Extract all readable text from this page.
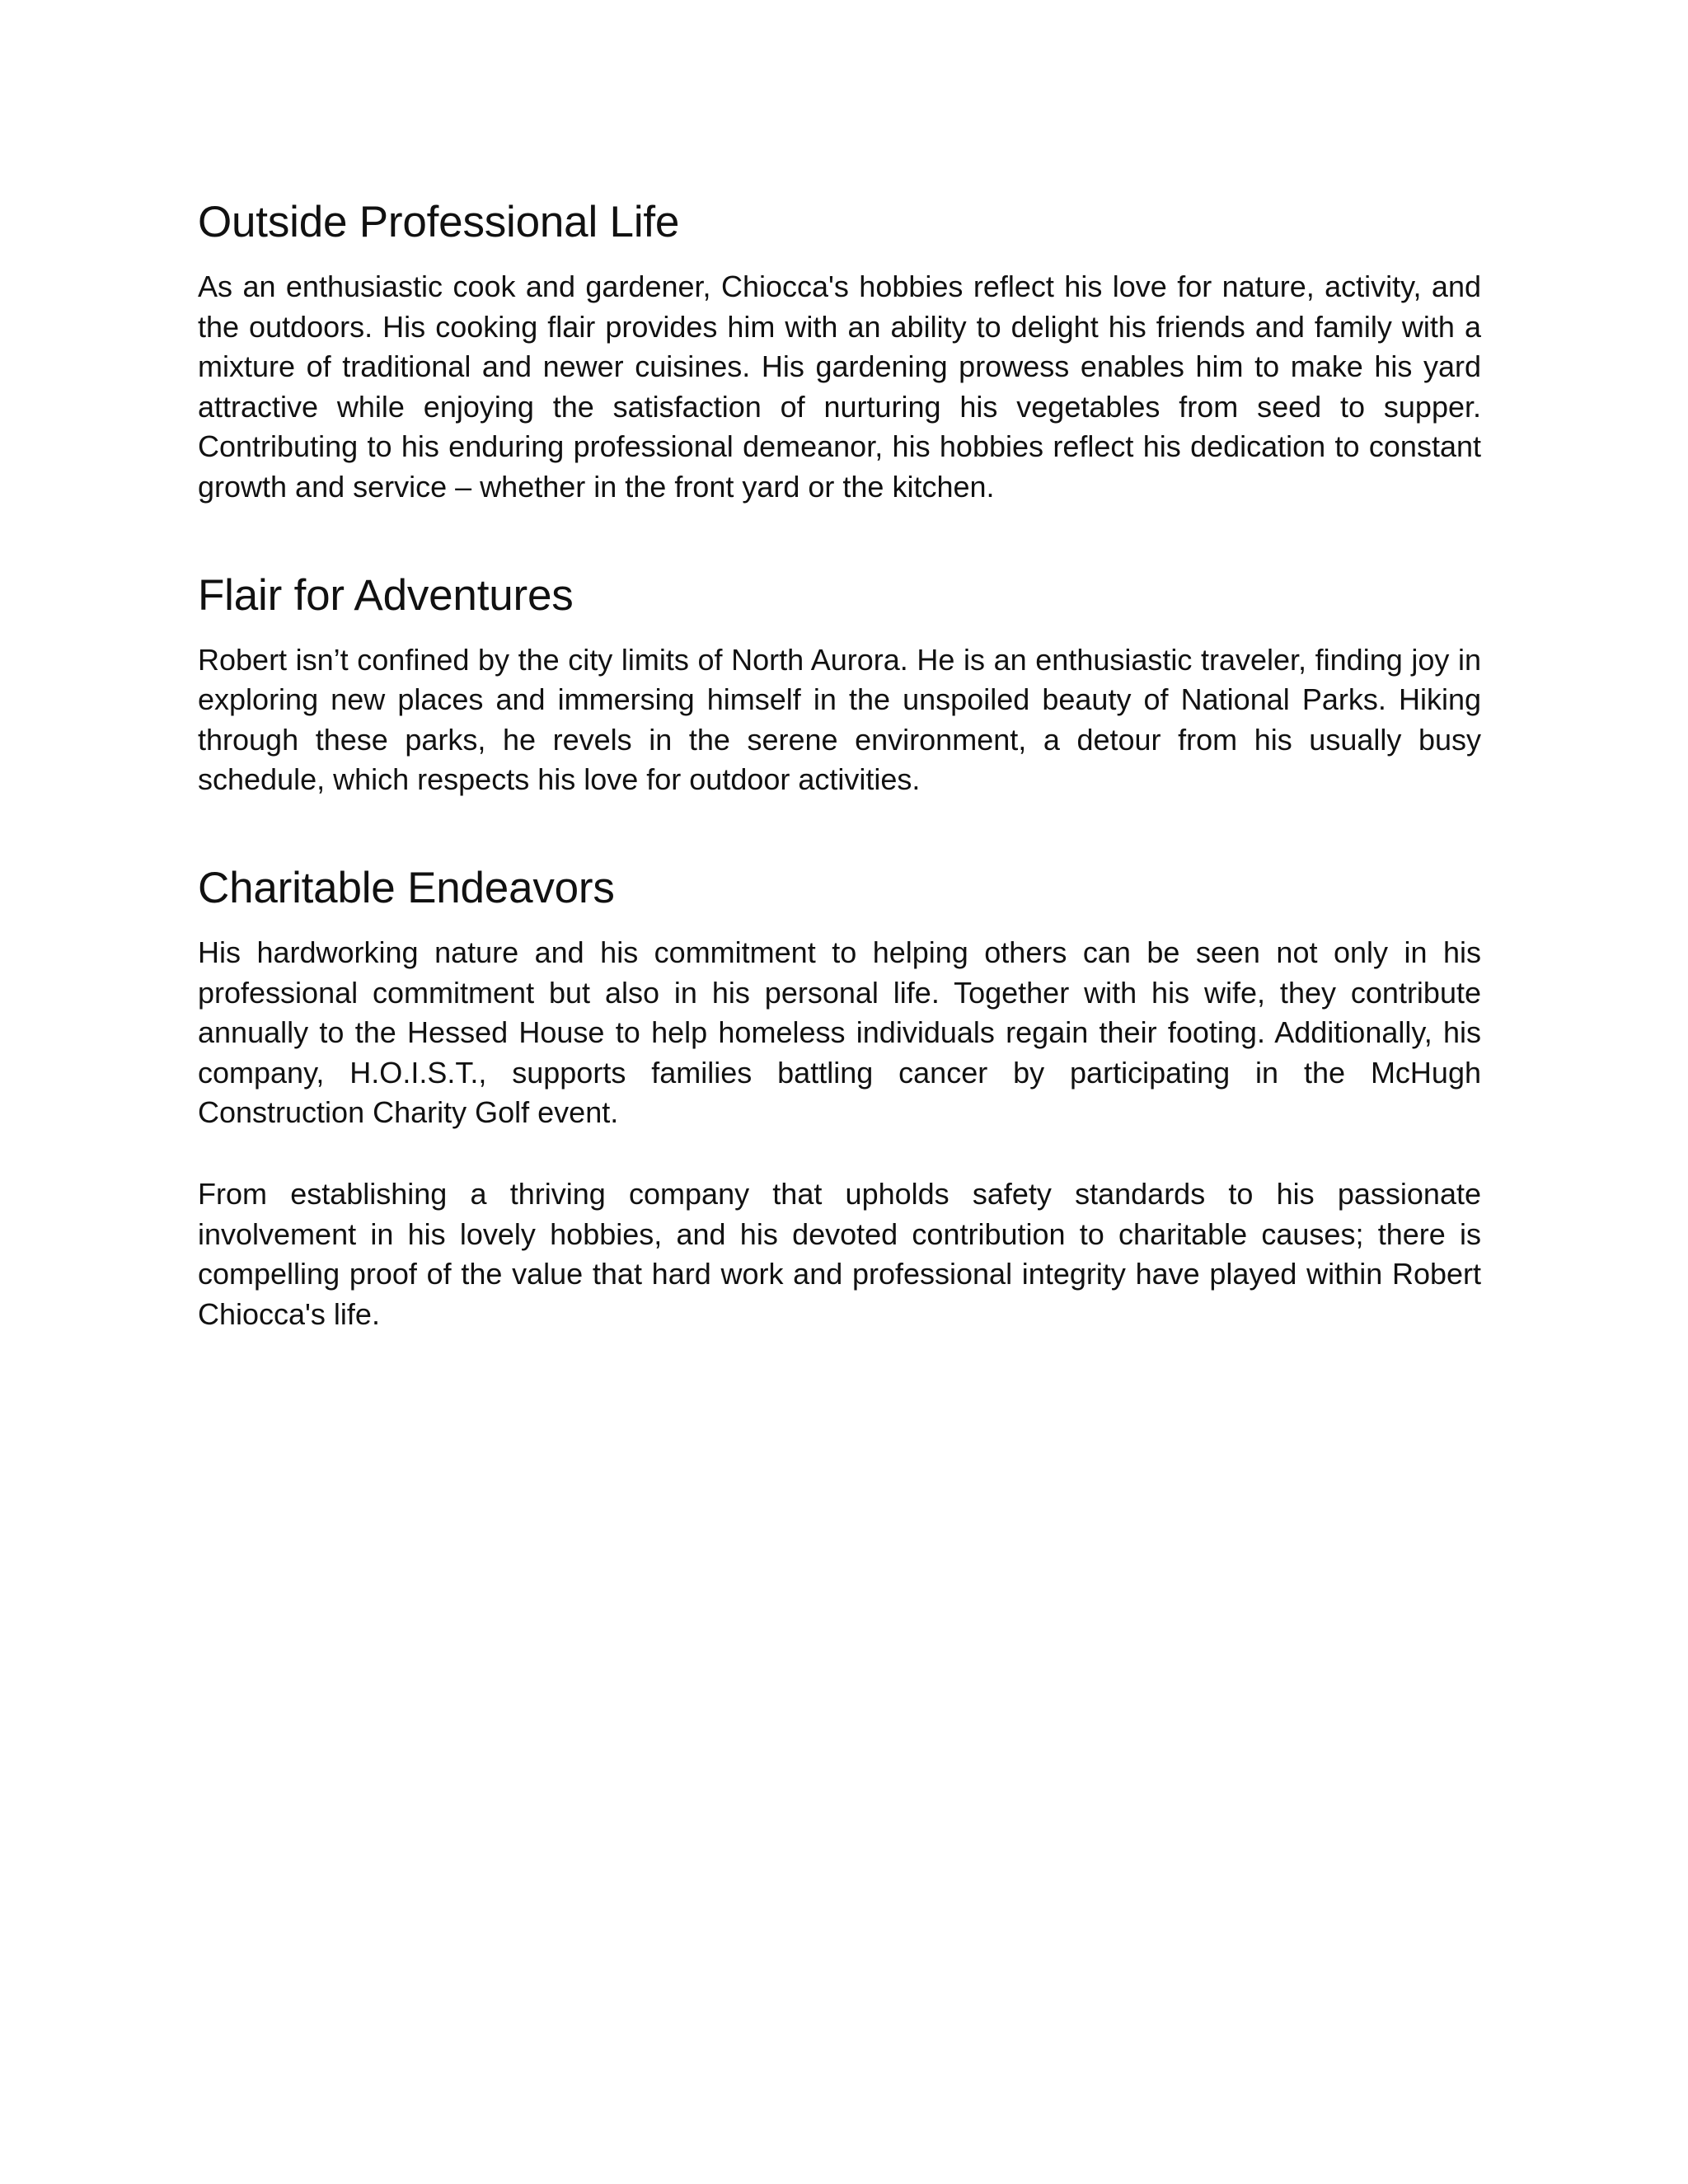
Outside Professional Life

As an enthusiastic cook and gardener, Chiocca's hobbies reflect his love for nature, activity, and the outdoors. His cooking flair provides him with an ability to delight his friends and family with a mixture of traditional and newer cuisines. His gardening prowess enables him to make his yard attractive while enjoying the satisfaction of nurturing his vegetables from seed to supper. Contributing to his enduring professional demeanor, his hobbies reflect his dedication to constant growth and service – whether in the front yard or the kitchen.

Flair for Adventures

Robert isn’t confined by the city limits of North Aurora. He is an enthusiastic traveler, finding joy in exploring new places and immersing himself in the unspoiled beauty of National Parks. Hiking through these parks, he revels in the serene environment, a detour from his usually busy schedule, which respects his love for outdoor activities.

Charitable Endeavors

His hardworking nature and his commitment to helping others can be seen not only in his professional commitment but also in his personal life. Together with his wife, they contribute annually to the Hessed House to help homeless individuals regain their footing. Additionally, his company, H.O.I.S.T., supports families battling cancer by participating in the McHugh Construction Charity Golf event.

From establishing a thriving company that upholds safety standards to his passionate involvement in his lovely hobbies, and his devoted contribution to charitable causes; there is compelling proof of the value that hard work and professional integrity have played within Robert Chiocca's life.
